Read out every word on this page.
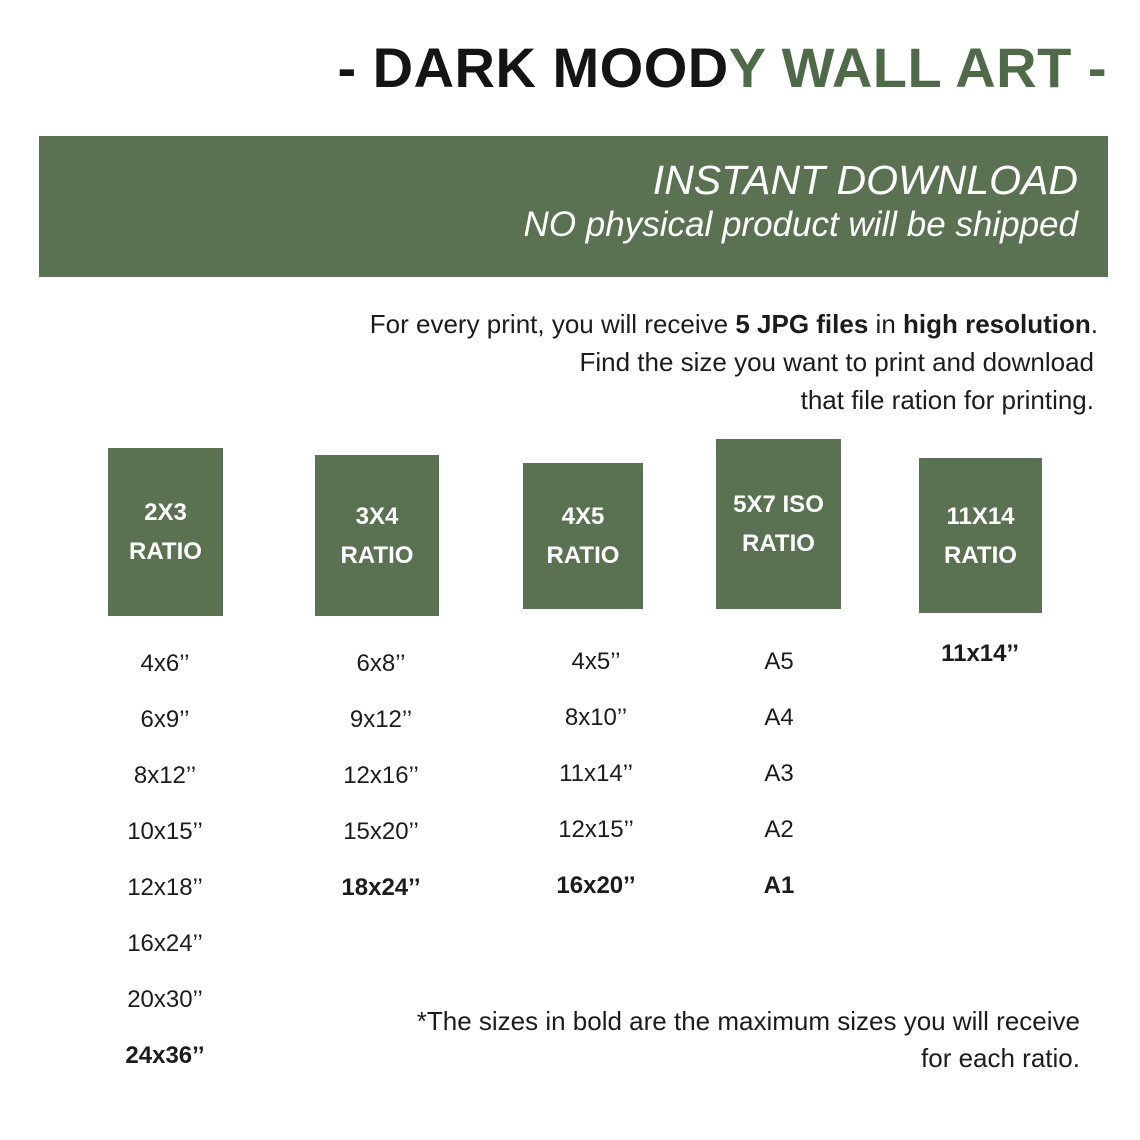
- DARK MOODY WALL ART -
INSTANT DOWNLOAD
NO physical product will be shipped
For every print, you will receive 5 JPG files in high resolution.
Find the size you want to print and download
that file ration for printing.
2X3
RATIO
4x6’’
6x9’’
8x12’’
10x15’’
12x18’’
16x24’’
20x30’’
24x36’’
3X4
RATIO
6x8’’
9x12’’
12x16’’
15x20’’
18x24’’
4X5
RATIO
4x5’’
8x10’’
11x14’’
12x15’’
16x20’’
5X7 ISO
RATIO
A5
A4
A3
A2
A1
11X14
RATIO
11x14’’
*The sizes in bold are the maximum sizes you will receive
for each ratio.
